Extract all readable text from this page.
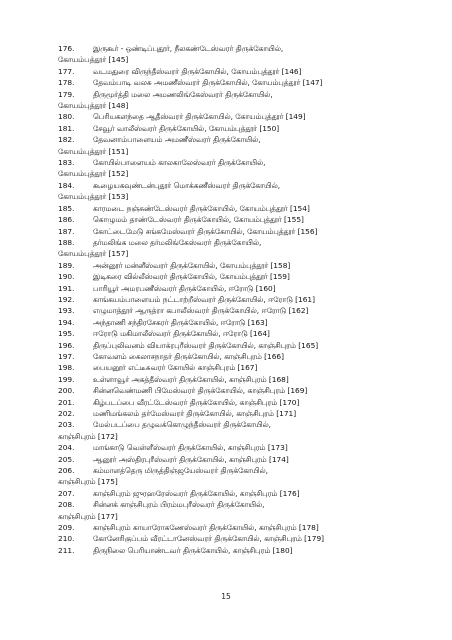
176.	இருகூர் - ஒண்டிப்புதூர், நீலகண்டேஸ்வரர் திருக்கோயில்,
கோயம்பத்தூர் [145]
177.	வடமதுரை விருந்தீஸ்வரர் திருக்கோயில், கோயம்புத்தூர் [146]
178.	தேவம்பாடி வலசு அமணீஸ்வரர் திருக்கோயில், கோயம்புத்தூர் [147]
179.	திருமூர்த்தி மலை அமணலிங்கேஸ்வரர் திருக்கோயில்,
கோயம்புத்தூர் [148]
180.	பெரியகளந்தை ஆதீஸ்வரர் திருக்கோயில், கோயம்புத்தூர் [149]
181.	சேவூர் வாலீஸ்வரர் திருக்கோயில், கோயம்புத்தூர் [150]
182.	தேவனாம்பாளையம் அமணீஸ்வரர் திருக்கோயில்,
கோயம்புத்தூர் [151]
183.	கோயில்பாளையம் காலகாலேஸ்வரர் திருக்கோயில்,
கோயம்புத்தூர் [152]
184.	கூழையகவுண்டன்புதூர் மொக்கணீஸ்வரர் திருக்கோயில்,
கோயம்புத்தூர் [153]
185.	காரமடை நஞ்சுண்டேஸ்வரர் திருக்கோயில், கோயம்புத்தூர் [154]
186.	கொழுமம் தாண்டேஸ்வரர் திருக்கோயில், கோயம்புத்தூர் [155]
187.	கோட்டைமேடு சங்கமேஸ்வரர் திருக்கோயில், கோயம்புத்தூர் [156]
188.	தர்மலிங்க மலை தர்மலிங்கேஸ்வரர் திருக்கோயில்,
கோயம்புத்தூர் [157]
189.	அன்னூர் மன்னீஸ்வரர் திருக்கோயில், கோயம்புத்தூர் [158]
190.	இடிகரை வில்லீஸ்வரர் திருக்கோயில், கோயம்புத்தூர் [159]
191.	பாரியூர் அமரபணீஸ்வரர் திருக்கோயில், ஈரோடு [160]
192.	காங்கயம்பாளையம் நட்டாற்றீஸ்வரர் திருக்கோயில், ஈரோடு [161]
193.	எழுமாத்தூர் ஆருத்ரா கபாலீஸ்வரர் திருக்கோயில், ஈரோடு [162]
194.	அந்தாணி சந்திரசேகரர் திருக்கோயில், ஈரோடு [163]
195.	ஈரோடு மகிமாலீஸ்வரர் திருக்கோயில், ஈரோடு [164]
196.	திருப்புலிவனம் வியாக்ரபுரீஸ்வரர் திருக்கோயில், காஞ்சிபுரம் [165]
197.	கோவளம் கைலாசநாதர் திருக்கோயில், காஞ்சிபுரம் [166]
198.	பையனூர் எட்டீசுவரர் கோயில் காஞ்சிபுரம் [167]
199.	உள்ளாவூர் அகத்தீஸ்வரர் திருக்கோயில், காஞ்சிபுரம் [168]
200.	சின்னவெண்மணி பிமேஸ்வரர் திருக்கோயில், காஞ்சிபுரம் [169]
201.	கிழ்படப்பை வீரட்டேஸ்வரர் திருக்கோயில், காஞ்சிபுரம் [170]
202.	மணிமங்கலம் தர்மேஸ்வரர் திருக்கோயில், காஞ்சிபுரம் [171]
203.	மேல்படப்பை தழுவக்கொழுந்தீஸ்வரர் திருக்கோயில்,
காஞ்சிபுரம் [172]
204.	மாங்காடு வெள்ளீஸ்வரர் திருக்கோயில், காஞ்சிபுரம் [173]
205.	ஆனூர் அஸ்திரபுரீஸ்வரர் திருக்கோயில், காஞ்சிபுரம் [174]
206.	கம்மாளத்தெரு மிருத்திஞ்ஜயேஸ்வரர் திருக்கோயில்,
காஞ்சிபுரம் [175]
207.	காஞ்சிபுரம் ஜுரஹரேஸ்வரர் திருக்கோயில், காஞ்சிபுரம் [176]
208.	சின்னக் காஞ்சிபுரம் பிரம்மபுரீஸ்வரர் திருக்கோயில்,
காஞ்சிபுரம் [177]
209.	காஞ்சிபுரம் காயாரோகணேஸ்வரர் திருக்கோயில், காஞ்சிபுரம் [178]
210.	கோனேரிகுப்பம் வீரட்டானேஸ்வரர் திருக்கோயில், காஞ்சிபுரம் [179]
211.	திருநிலை பெரியாண்டவர் திருக்கோயில், காஞ்சிபுரம் [180]
15
